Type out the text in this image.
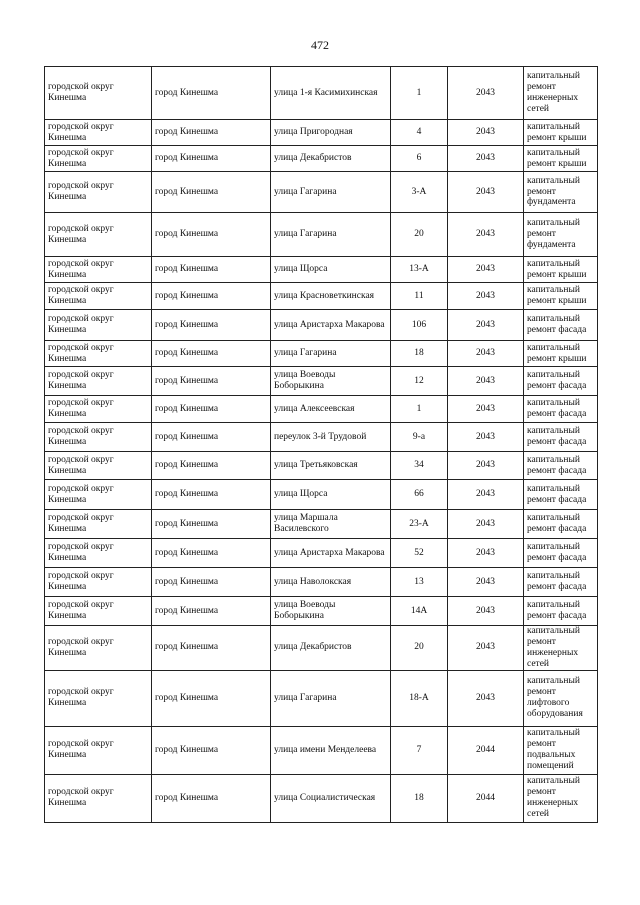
472
городской округ Кинешма	город Кинешма	улица 1-я Касимихинская	1	2043	капитальный ремонт инженерных сетей
городской округ Кинешма	город Кинешма	улица Пригородная	4	2043	капитальный ремонт крыши
городской округ Кинешма	город Кинешма	улица Декабристов	6	2043	капитальный ремонт крыши
городской округ Кинешма	город Кинешма	улица Гагарина	3-А	2043	капитальный ремонт фундамента
городской округ Кинешма	город Кинешма	улица Гагарина	20	2043	капитальный ремонт фундамента
городской округ Кинешма	город Кинешма	улица Щорса	13-А	2043	капитальный ремонт крыши
городской округ Кинешма	город Кинешма	улица Красноветкинская	11	2043	капитальный ремонт крыши
городской округ Кинешма	город Кинешма	улица Аристарха Макарова	106	2043	капитальный ремонт фасада
городской округ Кинешма	город Кинешма	улица Гагарина	18	2043	капитальный ремонт крыши
городской округ Кинешма	город Кинешма	улица Воеводы Боборыкина	12	2043	капитальный ремонт фасада
городской округ Кинешма	город Кинешма	улица Алексеевская	1	2043	капитальный ремонт фасада
городской округ Кинешма	город Кинешма	переулок 3-й Трудовой	9-а	2043	капитальный ремонт фасада
городской округ Кинешма	город Кинешма	улица Третьяковская	34	2043	капитальный ремонт фасада
городской округ Кинешма	город Кинешма	улица Щорса	66	2043	капитальный ремонт фасада
городской округ Кинешма	город Кинешма	улица Маршала Василевского	23-А	2043	капитальный ремонт фасада
городской округ Кинешма	город Кинешма	улица Аристарха Макарова	52	2043	капитальный ремонт фасада
городской округ Кинешма	город Кинешма	улица Наволокская	13	2043	капитальный ремонт фасада
городской округ Кинешма	город Кинешма	улица Воеводы Боборыкина	14А	2043	капитальный ремонт фасада
городской округ Кинешма	город Кинешма	улица Декабристов	20	2043	капитальный ремонт инженерных сетей
городской округ Кинешма	город Кинешма	улица Гагарина	18-А	2043	капитальный ремонт лифтового оборудования
городской округ Кинешма	город Кинешма	улица имени Менделеева	7	2044	капитальный ремонт подвальных помещений
городской округ Кинешма	город Кинешма	улица Социалистическая	18	2044	капитальный ремонт инженерных сетей
